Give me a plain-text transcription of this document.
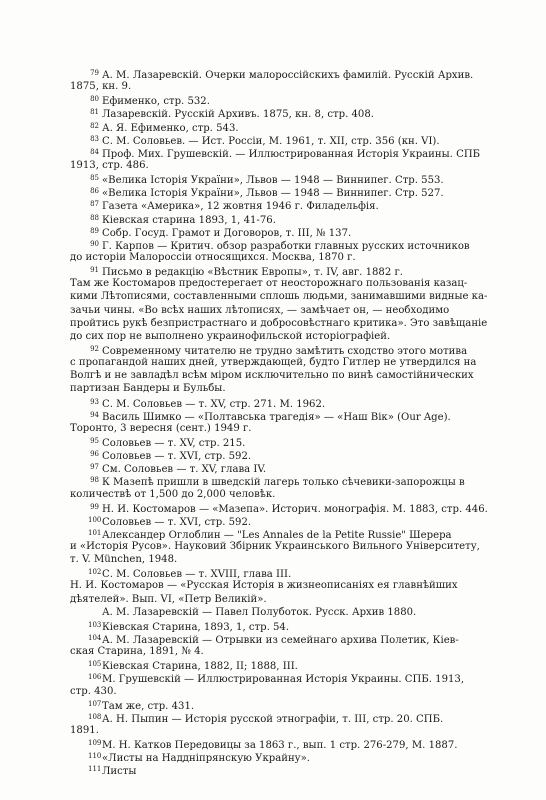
79 А. М. Лазаревскій. Очерки малороссійскихъ фамилій. Русскій Архив.
1875, кн. 9.
80 Ефименко, стр. 532.
81 Лазаревскій. Русскій Архивъ. 1875, кн. 8, стр. 408.
82 А. Я. Ефименко, стр. 543.
83 С. М. Соловьев. — Ист. Россіи, М. 1961, т. XII, стр. 356 (кн. VI).
84 Проф. Мих. Грушевскій. — Иллюстрированная Исторія Украины. СПБ
1913, стр. 486.
85 «Велика Історія України», Львов — 1948 — Виннипег. Стр. 553.
86 «Велика Історія України», Львов — 1948 — Виннипег. Стр. 527.
87 Газета «Америка», 12 жовтня 1946 г. Филадельфія.
88 Кіевская старина 1893, 1, 41-76.
89 Собр. Госуд. Грамот и Договоров, т. III, № 137.
90 Г. Карпов — Критич. обзор разработки главных русских источников
до исторіи Малороссіи относящихся. Москва, 1870 г.
91 Письмо в редакцію «Вѣстник Европы», т. IV, авг. 1882 г.
Там же Костомаров предостерегает от неосторожнаго пользованія казац-
кими Лѣтописями, составленными сплошь людьми, занимавшими видные ка-
зачьи чины. «Во всѣх наших лѣтописях, — замѣчает он, — необходимо
пройтись рукѣ безпристрастнаго и добросовѣстнаго критика». Это завѣщаніе
до сих пор не выполнено украинофильской исторіографіей.
92 Современному читателю не трудно замѣтить сходство этого мотива
с пропагандой наших дней, утверждающей, будто Гитлер не утвердился на
Волгѣ и не завладѣл всѣм міром исключительно по винѣ самостійнических
партизан Бандеры и Бульбы.
93 С. М. Соловьев — т. XV, стр. 271. М. 1962.
94 Василь Шимко — «Полтавська трагедія» — «Наш Вік» (Our Age).
Торонто, 3 вересня (сент.) 1949 г.
95 Соловьев — т. XV, стр. 215.
96 Соловьев — т. XVI, стр. 592.
97 См. Соловьев — т. XV, глава IV.
98 К Мазепѣ пришли в шведскій лагерь только сѣчевики-запорожцы в
количествѣ от 1,500 до 2,000 человѣк.
99 Н. И. Костомаров — «Мазепа». Историч. монографія. М. 1883, стр. 446.
100Соловьев — т. XVI, стр. 592.
101Александер Оглоблин — "Les Annales de la Petite Russie" Шерера
и «Исторія Русов». Науковий Збірник Украинського Вильного Університету,
т. V. München, 1948.
102С. М. Соловьев — т. XVIII, глава III.
Н. И. Костомаров — «Русская Исторія в жизнеописаніях ея главнѣйших
дѣятелей». Вып. VI, «Петр Великій».
А. М. Лазаревскій — Павел Полуботок. Русск. Архив 1880.
103Кіевская Старина, 1893, 1, стр. 54.
104А. М. Лазаревскій — Отрывки из семейнаго архива Полетик, Кіев-
ская Старина, 1891, № 4.
105Кіевская Старина, 1882, II; 1888, III.
106М. Грушевскій — Иллюстрированная Исторія Украины. СПБ. 1913,
стр. 430.
107Там же, стр. 431.
108А. Н. Пыпин — Исторія русской этнографіи, т. III, стр. 20. СПБ.
1891.
109М. Н. Катков Передовицы за 1863 г., вып. 1 стр. 276-279, М. 1887.
110«Листы на Наддніпрянскую Украйну».
111Листы
